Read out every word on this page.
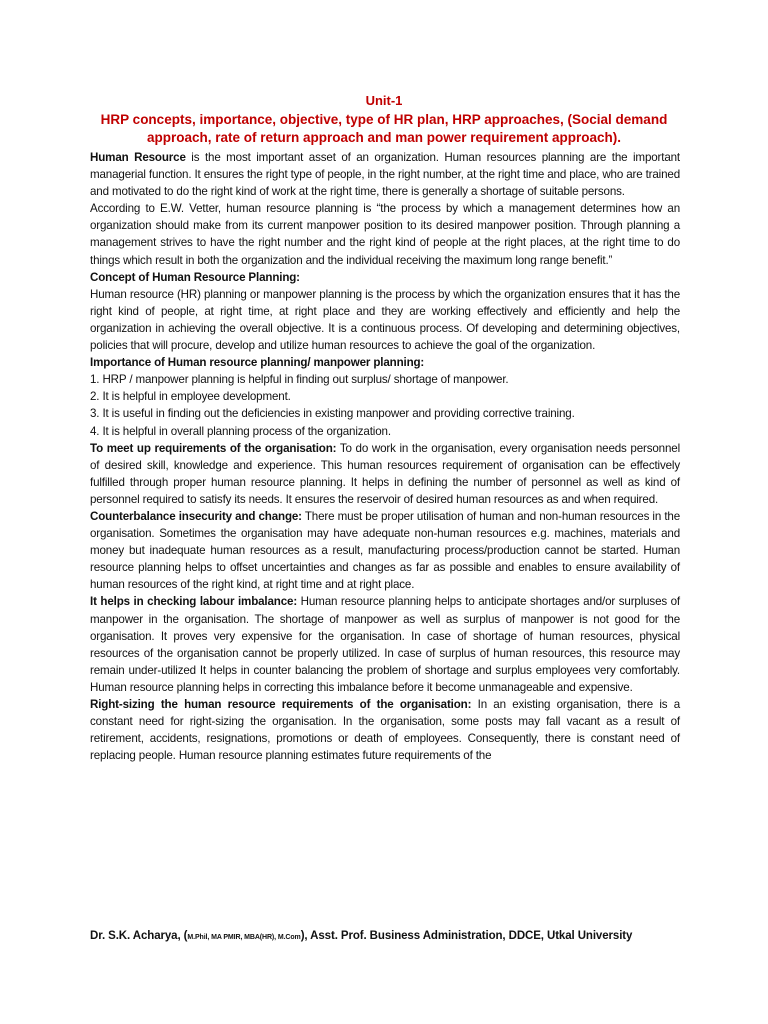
Unit-1
HRP concepts, importance, objective, type of HR plan, HRP approaches, (Social demand approach, rate of return approach and man power requirement approach).

Human Resource is the most important asset of an organization. Human resources planning are the important managerial function. It ensures the right type of people, in the right number, at the right time and place, who are trained and motivated to do the right kind of work at the right time, there is generally a shortage of suitable persons.

According to E.W. Vetter, human resource planning is “the process by which a management determines how an organization should make from its current manpower position to its desired manpower position. Through planning a management strives to have the right number and the right kind of people at the right places, at the right time to do things which result in both the organization and the individual receiving the maximum long range benefit.”

Concept of Human Resource Planning:

Human resource (HR) planning or manpower planning is the process by which the organization ensures that it has the right kind of people, at right time, at right place and they are working effectively and efficiently and help the organization in achieving the overall objective. It is a continuous process. Of developing and determining objectives, policies that will procure, develop and utilize human resources to achieve the goal of the organization.

Importance of Human resource planning/ manpower planning:

1. HRP / manpower planning is helpful in finding out surplus/ shortage of manpower.

2. It is helpful in employee development.

3. It is useful in finding out the deficiencies in existing manpower and providing corrective training.

4. It is helpful in overall planning process of the organization.

To meet up requirements of the organisation: To do work in the organisation, every organisation needs personnel of desired skill, knowledge and experience. This human resources requirement of organisation can be effectively fulfilled through proper human resource planning. It helps in defining the number of personnel as well as kind of personnel required to satisfy its needs. It ensures the reservoir of desired human resources as and when required.

Counterbalance insecurity and change: There must be proper utilisation of human and non-human resources in the organisation. Sometimes the organisation may have adequate non-human resources e.g. machines, materials and money but inadequate human resources as a result, manufacturing process/production cannot be started. Human resource planning helps to offset uncertainties and changes as far as possible and enables to ensure availability of human resources of the right kind, at right time and at right place.

It helps in checking labour imbalance: Human resource planning helps to anticipate shortages and/or surpluses of manpower in the organisation. The shortage of manpower as well as surplus of manpower is not good for the organisation. It proves very expensive for the organisation. In case of shortage of human resources, physical resources of the organisation cannot be properly utilized. In case of surplus of human resources, this resource may remain under-utilized It helps in counter balancing the problem of shortage and surplus employees very comfortably. Human resource planning helps in correcting this imbalance before it become unmanageable and expensive.

Right-sizing the human resource requirements of the organisation: In an existing organisation, there is a constant need for right-sizing the organisation. In the organisation, some posts may fall vacant as a result of retirement, accidents, resignations, promotions or death of employees. Consequently, there is constant need of replacing people. Human resource planning estimates future requirements of the

Dr. S.K. Acharya, (M.Phil, MA PMIR, MBA(HR), M.Com), Asst. Prof. Business Administration, DDCE, Utkal University
